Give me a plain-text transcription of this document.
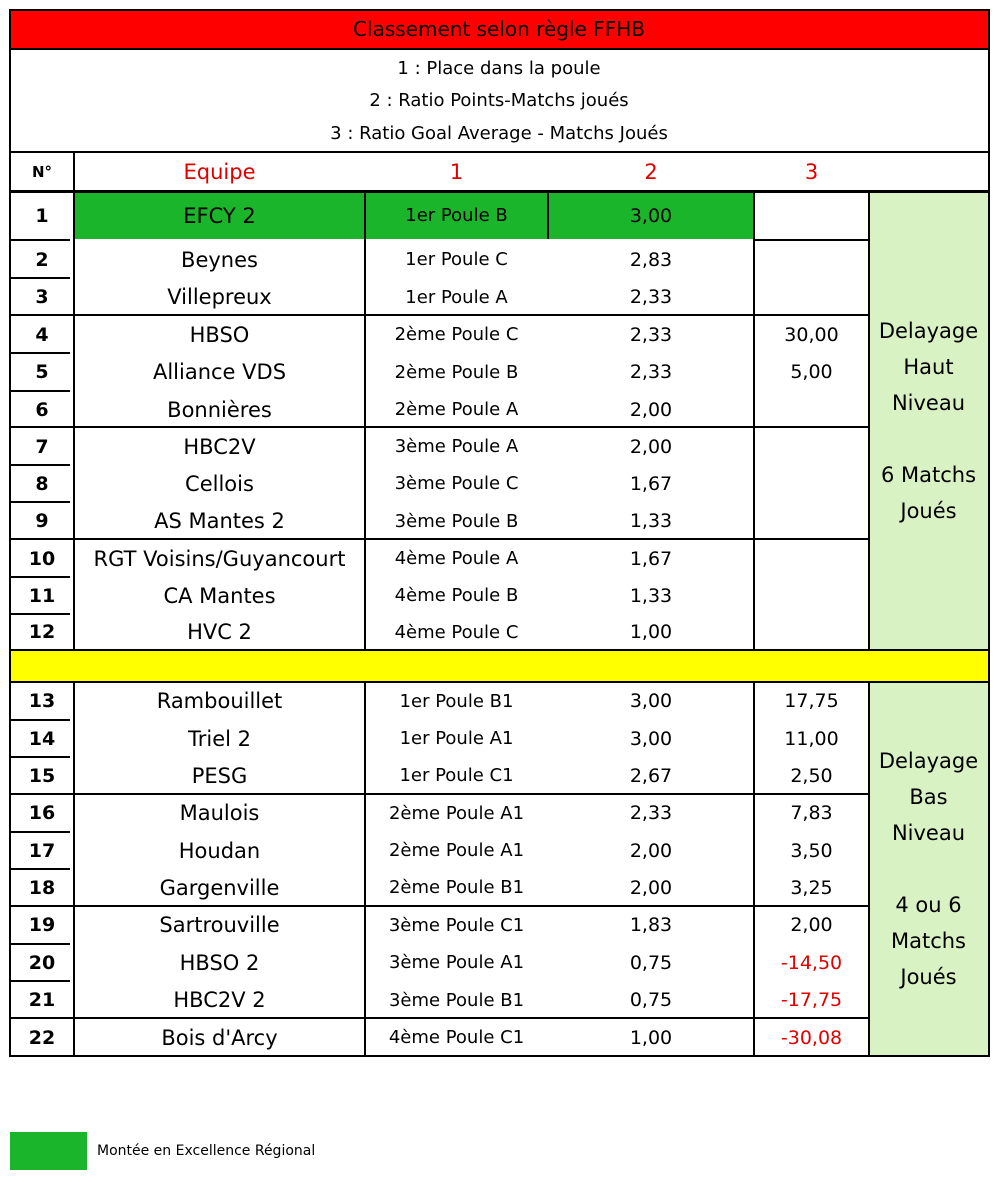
Classement selon règle FFHB
1 : Place dans la poule
2 : Ratio Points-Matchs joués
3 : Ratio Goal Average - Matchs Joués
N°	Equipe	1	2	3
1	EFCY 2	1er Poule B	3,00
2	Beynes	1er Poule C	2,83
3	Villepreux	1er Poule A	2,33
4	HBSO	2ème Poule C	2,33	30,00
5	Alliance VDS	2ème Poule B	2,33	5,00
6	Bonnières	2ème Poule A	2,00
7	HBC2V	3ème Poule A	2,00
8	Cellois	3ème Poule C	1,67
9	AS Mantes 2	3ème Poule B	1,33
10	RGT Voisins/Guyancourt	4ème Poule A	1,67
11	CA Mantes	4ème Poule B	1,33
12	HVC 2	4ème Poule C	1,00
13	Rambouillet	1er Poule B1	3,00	17,75
14	Triel 2	1er Poule A1	3,00	11,00
15	PESG	1er Poule C1	2,67	2,50
16	Maulois	2ème Poule A1	2,33	7,83
17	Houdan	2ème Poule A1	2,00	3,50
18	Gargenville	2ème Poule B1	2,00	3,25
19	Sartrouville	3ème Poule C1	1,83	2,00
20	HBSO 2	3ème Poule A1	0,75	-14,50
21	HBC2V 2	3ème Poule B1	0,75	-17,75
22	Bois d'Arcy	4ème Poule C1	1,00	-30,08
Delayage
Haut
Niveau

6 Matchs
Joués
Delayage
Bas
Niveau

4 ou 6
Matchs
Joués
Montée en Excellence Régional
